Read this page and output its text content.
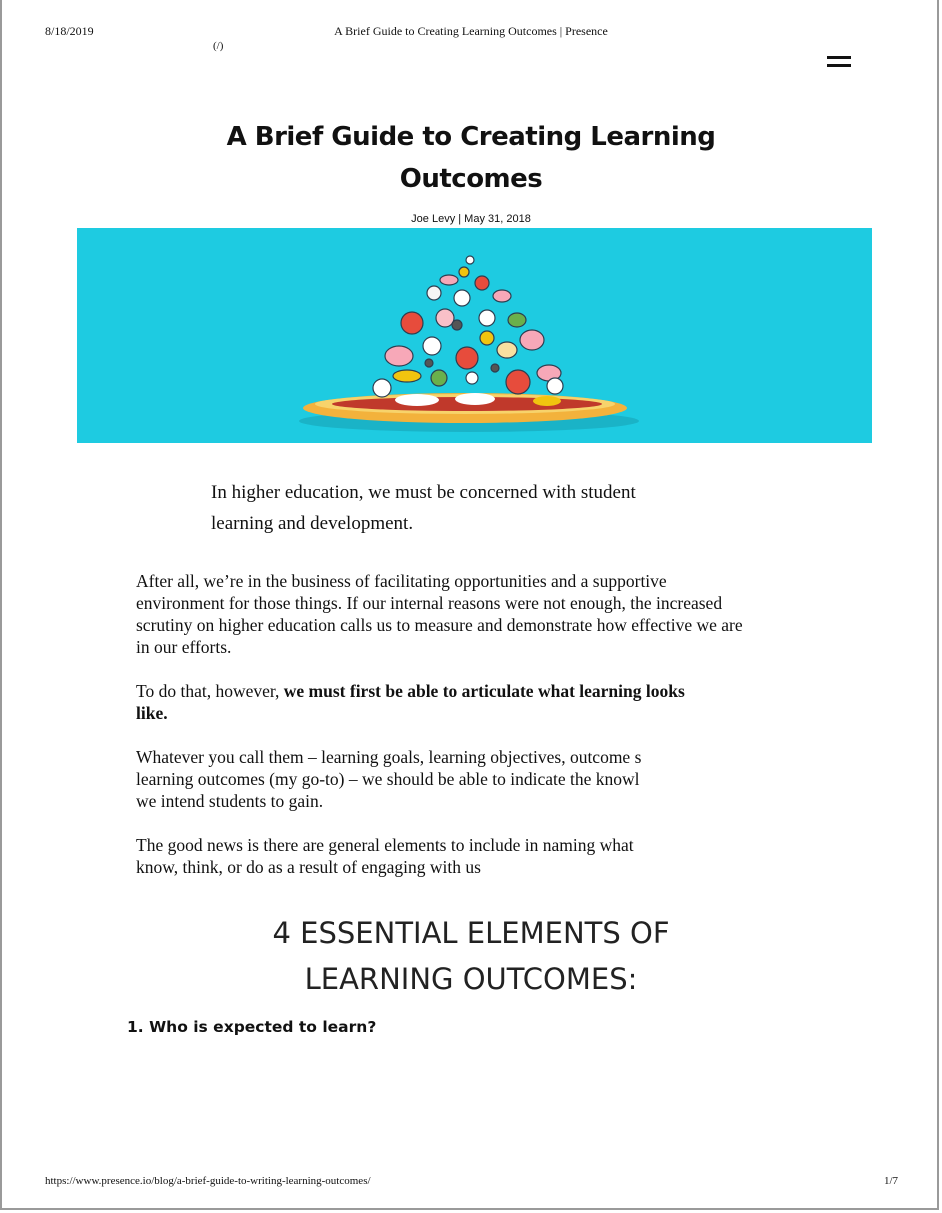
8/18/2019	A Brief Guide to Creating Learning Outcomes | Presence
(/)
A Brief Guide to Creating Learning
Outcomes
Joe Levy | May 31, 2018
In higher education, we must be concerned with student
learning and development.
After all, we’re in the business of facilitating opportunities and a supportive
environment for those things. If our internal reasons were not enough, the increased
scrutiny on higher education calls us to measure and demonstrate how effective we are
in our efforts.
To do that, however, we must first be able to articulate what learning looks
like.
Whatever you call them – learning goals, learning objectives, outcome s
learning outcomes (my go-to) – we should be able to indicate the knowl
we intend students to gain.
The good news is there are general elements to include in naming what
know, think, or do as a result of engaging with us
4 ESSENTIAL ELEMENTS OF
LEARNING OUTCOMES:
1. Who is expected to learn?
https://www.presence.io/blog/a-brief-guide-to-writing-learning-outcomes/	1/7
